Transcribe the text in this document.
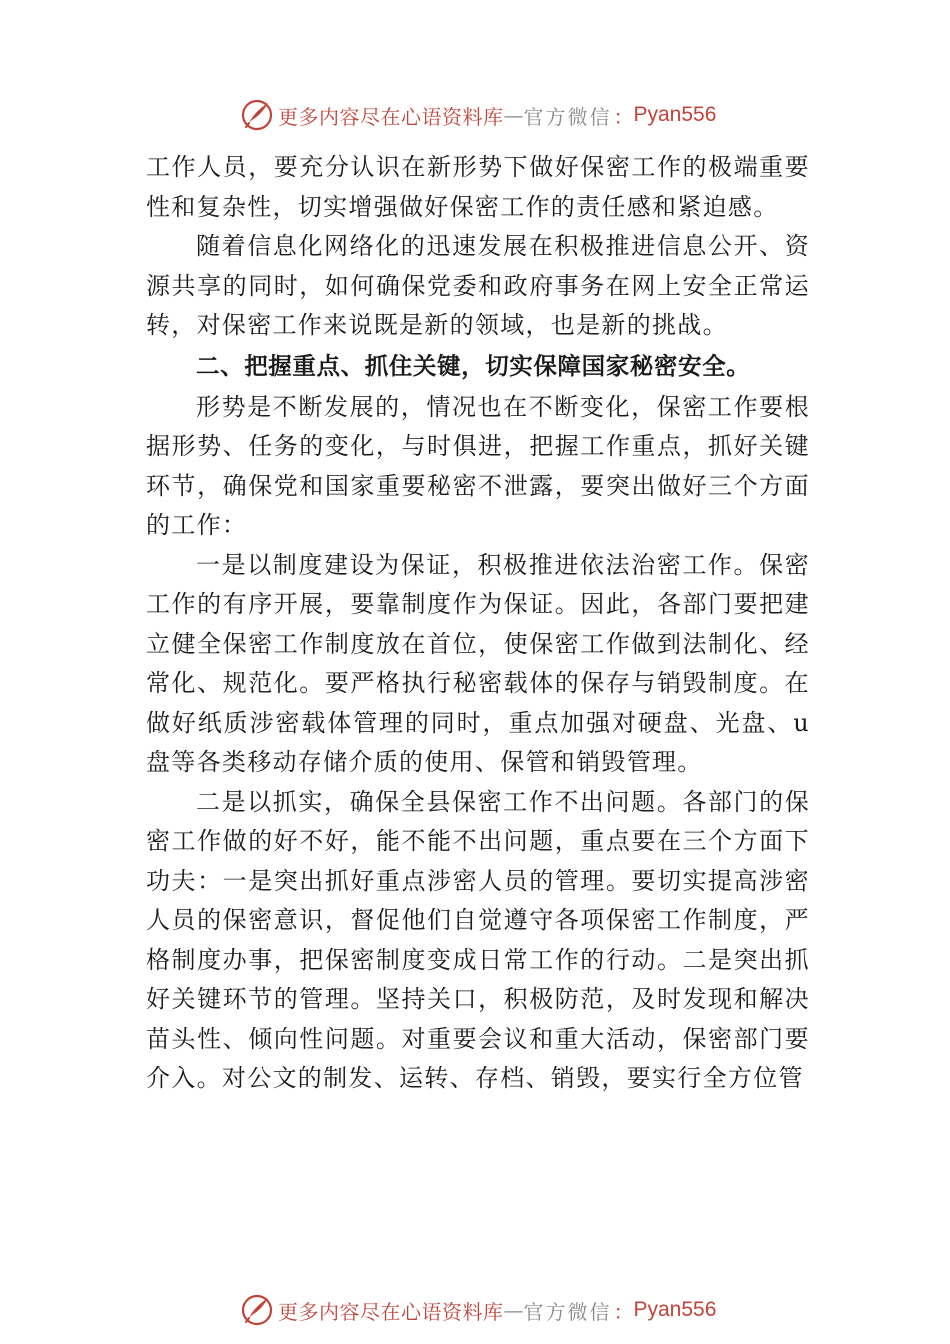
更多内容尽在心语资料库 — 官方微信 ： Pyan556

工作人员，要充分认识在新形势下做好保密工作的极端重要性和复杂性，切实增强做好保密工作的责任感和紧迫感。

随着信息化网络化的迅速发展在积极推进信息公开、资源共享的同时，如何确保党委和政府事务在网上安全正常运转，对保密工作来说既是新的领域，也是新的挑战。

二、把握重点、抓住关键，切实保障国家秘密安全。

形势是不断发展的，情况也在不断变化，保密工作要根据形势、任务的变化，与时俱进，把握工作重点，抓好关键环节，确保党和国家重要秘密不泄露，要突出做好三个方面的工作：

一是以制度建设为保证，积极推进依法治密工作。保密工作的有序开展，要靠制度作为保证。因此，各部门要把建立健全保密工作制度放在首位，使保密工作做到法制化、经常化、规范化。要严格执行秘密载体的保存与销毁制度。在做好纸质涉密载体管理的同时，重点加强对硬盘、光盘、u盘等各类移动存储介质的使用、保管和销毁管理。

二是以抓实，确保全县保密工作不出问题。各部门的保密工作做的好不好，能不能不出问题，重点要在三个方面下功夫：一是突出抓好重点涉密人员的管理。要切实提高涉密人员的保密意识，督促他们自觉遵守各项保密工作制度，严格制度办事，把保密制度变成日常工作的行动。二是突出抓好关键环节的管理。坚持关口，积极防范，及时发现和解决苗头性、倾向性问题。对重要会议和重大活动，保密部门要介入。对公文的制发、运转、存档、销毁，要实行全方位管

更多内容尽在心语资料库 — 官方微信 ： Pyan556
